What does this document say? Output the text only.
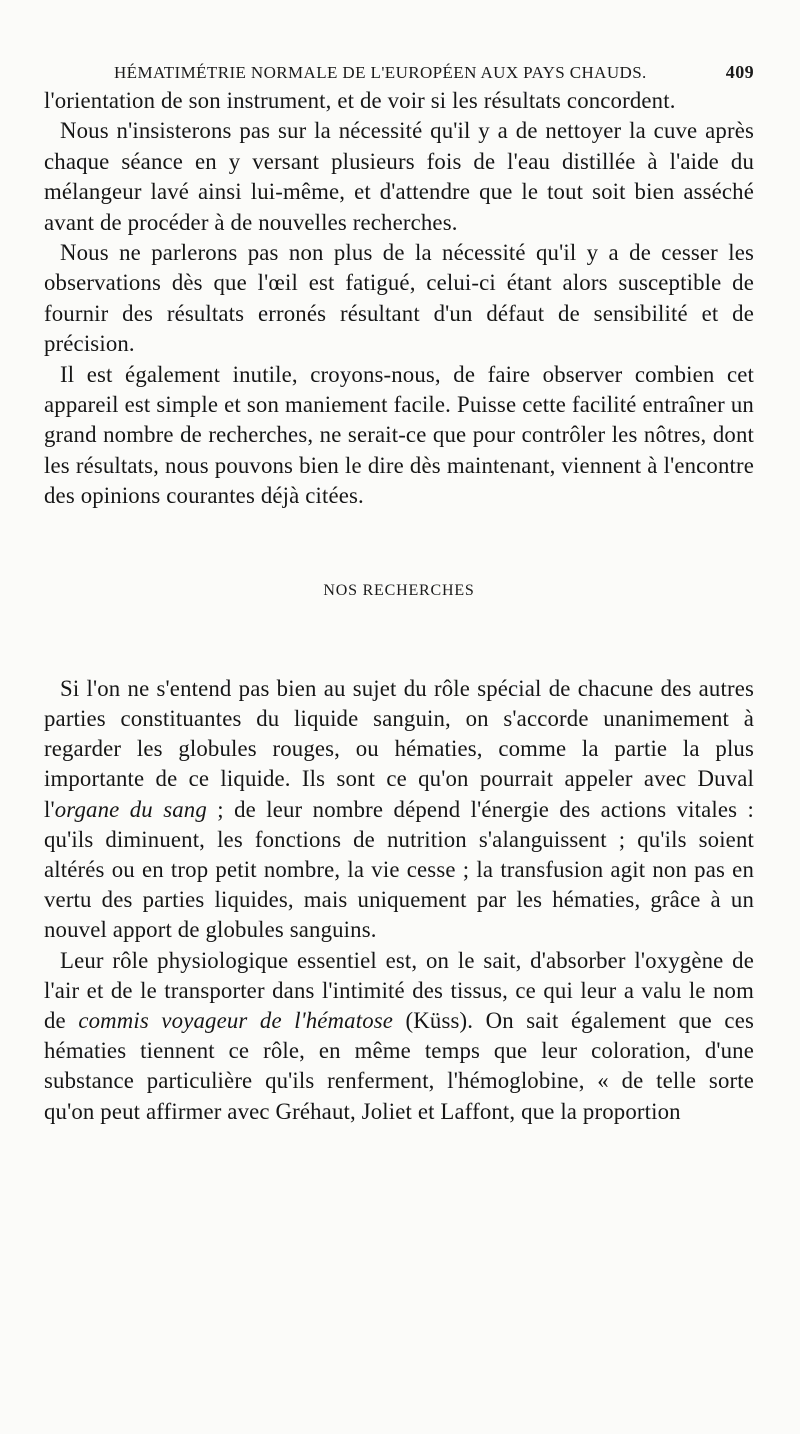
HÉMATIMÉTRIE NORMALE DE L'EUROPÉEN AUX PAYS CHAUDS.	409

l'orientation de son instrument, et de voir si les résultats concordent.

Nous n'insisterons pas sur la nécessité qu'il y a de nettoyer la cuve après chaque séance en y versant plusieurs fois de l'eau distillée à l'aide du mélangeur lavé ainsi lui-même, et d'attendre que le tout soit bien asséché avant de procéder à de nouvelles recherches.

Nous ne parlerons pas non plus de la nécessité qu'il y a de cesser les observations dès que l'œil est fatigué, celui-ci étant alors susceptible de fournir des résultats erronés résultant d'un défaut de sensibilité et de précision.

Il est également inutile, croyons-nous, de faire observer combien cet appareil est simple et son maniement facile. Puisse cette facilité entraîner un grand nombre de recherches, ne serait-ce que pour contrôler les nôtres, dont les résultats, nous pouvons bien le dire dès maintenant, viennent à l'encontre des opinions courantes déjà citées.

NOS RECHERCHES

Si l'on ne s'entend pas bien au sujet du rôle spécial de chacune des autres parties constituantes du liquide sanguin, on s'accorde unanimement à regarder les globules rouges, ou hématies, comme la partie la plus importante de ce liquide. Ils sont ce qu'on pourrait appeler avec Duval l'organe du sang ; de leur nombre dépend l'énergie des actions vitales : qu'ils diminuent, les fonctions de nutrition s'alanguissent ; qu'ils soient altérés ou en trop petit nombre, la vie cesse ; la transfusion agit non pas en vertu des parties liquides, mais uniquement par les hématies, grâce à un nouvel apport de globules sanguins.

Leur rôle physiologique essentiel est, on le sait, d'absorber l'oxygène de l'air et de le transporter dans l'intimité des tissus, ce qui leur a valu le nom de commis voyageur de l'hématose (Küss). On sait également que ces hématies tiennent ce rôle, en même temps que leur coloration, d'une substance particulière qu'ils renferment, l'hémoglobine, « de telle sorte qu'on peut affirmer avec Gréhaut, Joliet et Laffont, que la proportion
